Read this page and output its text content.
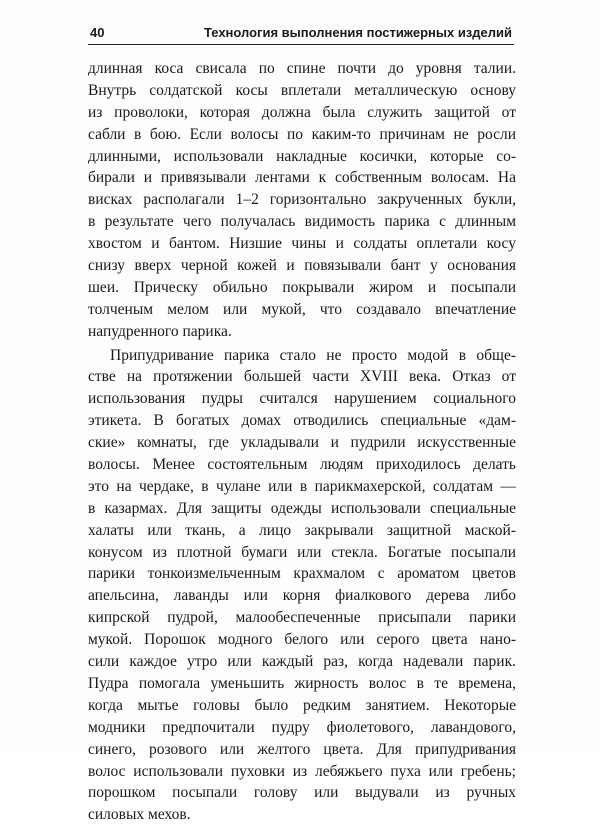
40	Технология выполнения постижерных изделий
длинная коса свисала по спине почти до уровня талии.
Внутрь солдатской косы вплетали металлическую основу
из проволоки, которая должна была служить защитой от
сабли в бою. Если волосы по каким-то причинам не росли
длинными, использовали накладные косички, которые со-
бирали и привязывали лентами к собственным волосам. На
висках располагали 1–2 горизонтально закрученных букли,
в результате чего получалась видимость парика с длинным
хвостом и бантом. Низшие чины и солдаты оплетали косу
снизу вверх черной кожей и повязывали бант у основания
шеи. Прическу обильно покрывали жиром и посыпали
толченым мелом или мукой, что создавало впечатление
напудренного парика.
Припудривание парика стало не просто модой в обще-
стве на протяжении большей части XVIII века. Отказ от
использования пудры считался нарушением социального
этикета. В богатых домах отводились специальные «дам-
ские» комнаты, где укладывали и пудрили искусственные
волосы. Менее состоятельным людям приходилось делать
это на чердаке, в чулане или в парикмахерской, солдатам —
в казармах. Для защиты одежды использовали специальные
халаты или ткань, а лицо закрывали защитной маской-
конусом из плотной бумаги или стекла. Богатые посыпали
парики тонкоизмельченным крахмалом с ароматом цветов
апельсина, лаванды или корня фиалкового дерева либо
кипрской пудрой, малообеспеченные присыпали парики
мукой. Порошок модного белого или серого цвета нано-
сили каждое утро или каждый раз, когда надевали парик.
Пудра помогала уменьшить жирность волос в те времена,
когда мытье головы было редким занятием. Некоторые
модники предпочитали пудру фиолетового, лавандового,
синего, розового или желтого цвета. Для припудривания
волос использовали пуховки из лебяжьего пуха или гребень;
порошком посыпали голову или выдували из ручных
силовых мехов.
